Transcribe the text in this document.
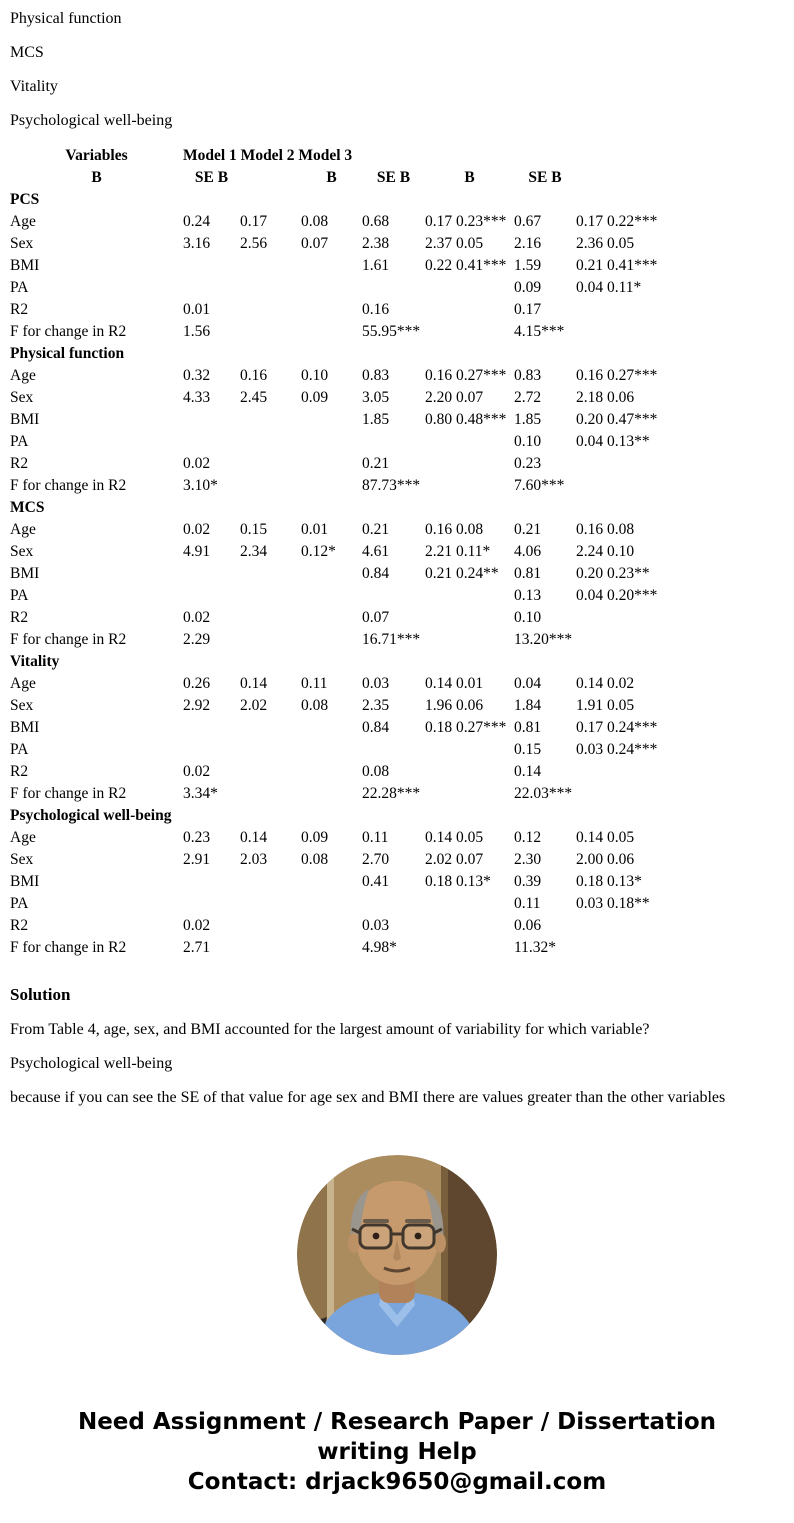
Physical function

MCS

Vitality

Psychological well-being

Variables	Model 1 Model 2 Model 3						
B	SE B		B	SE B	B	SE B	
PCS							
Age	0.24	0.17	0.08	0.68	0.17 0.23***	0.67	0.17 0.22***
Sex	3.16	2.56	0.07	2.38	2.37 0.05	2.16	2.36 0.05
BMI				1.61	0.22 0.41***	1.59	0.21 0.41***
PA						0.09	0.04 0.11*
R2	0.01			0.16		0.17	
F for change in R2	1.56			55.95***		4.15***	
Physical function							
Age	0.32	0.16	0.10	0.83	0.16 0.27***	0.83	0.16 0.27***
Sex	4.33	2.45	0.09	3.05	2.20 0.07	2.72	2.18 0.06
BMI				1.85	0.80 0.48***	1.85	0.20 0.47***
PA						0.10	0.04 0.13**
R2	0.02			0.21		0.23	
F for change in R2	3.10*			87.73***		7.60***	
MCS							
Age	0.02	0.15	0.01	0.21	0.16 0.08	0.21	0.16 0.08
Sex	4.91	2.34	0.12*	4.61	2.21 0.11*	4.06	2.24 0.10
BMI				0.84	0.21 0.24**	0.81	0.20 0.23**
PA						0.13	0.04 0.20***
R2	0.02			0.07		0.10	
F for change in R2	2.29			16.71***		13.20***	
Vitality							
Age	0.26	0.14	0.11	0.03	0.14 0.01	0.04	0.14 0.02
Sex	2.92	2.02	0.08	2.35	1.96 0.06	1.84	1.91 0.05
BMI				0.84	0.18 0.27***	0.81	0.17 0.24***
PA						0.15	0.03 0.24***
R2	0.02			0.08		0.14	
F for change in R2	3.34*			22.28***		22.03***	
Psychological well-being							
Age	0.23	0.14	0.09	0.11	0.14 0.05	0.12	0.14 0.05
Sex	2.91	2.03	0.08	2.70	2.02 0.07	2.30	2.00 0.06
BMI				0.41	0.18 0.13*	0.39	0.18 0.13*
PA						0.11	0.03 0.18**
R2	0.02			0.03		0.06	
F for change in R2	2.71			4.98*		11.32*	
Solution

From Table 4, age, sex, and BMI accounted for the largest amount of variability for which variable?

Psychological well-being

because if you can see the SE of that value for age sex and BMI there are values greater than the other variables

Need Assignment / Research Paper / Dissertation
writing Help
Contact: drjack9650@gmail.com
